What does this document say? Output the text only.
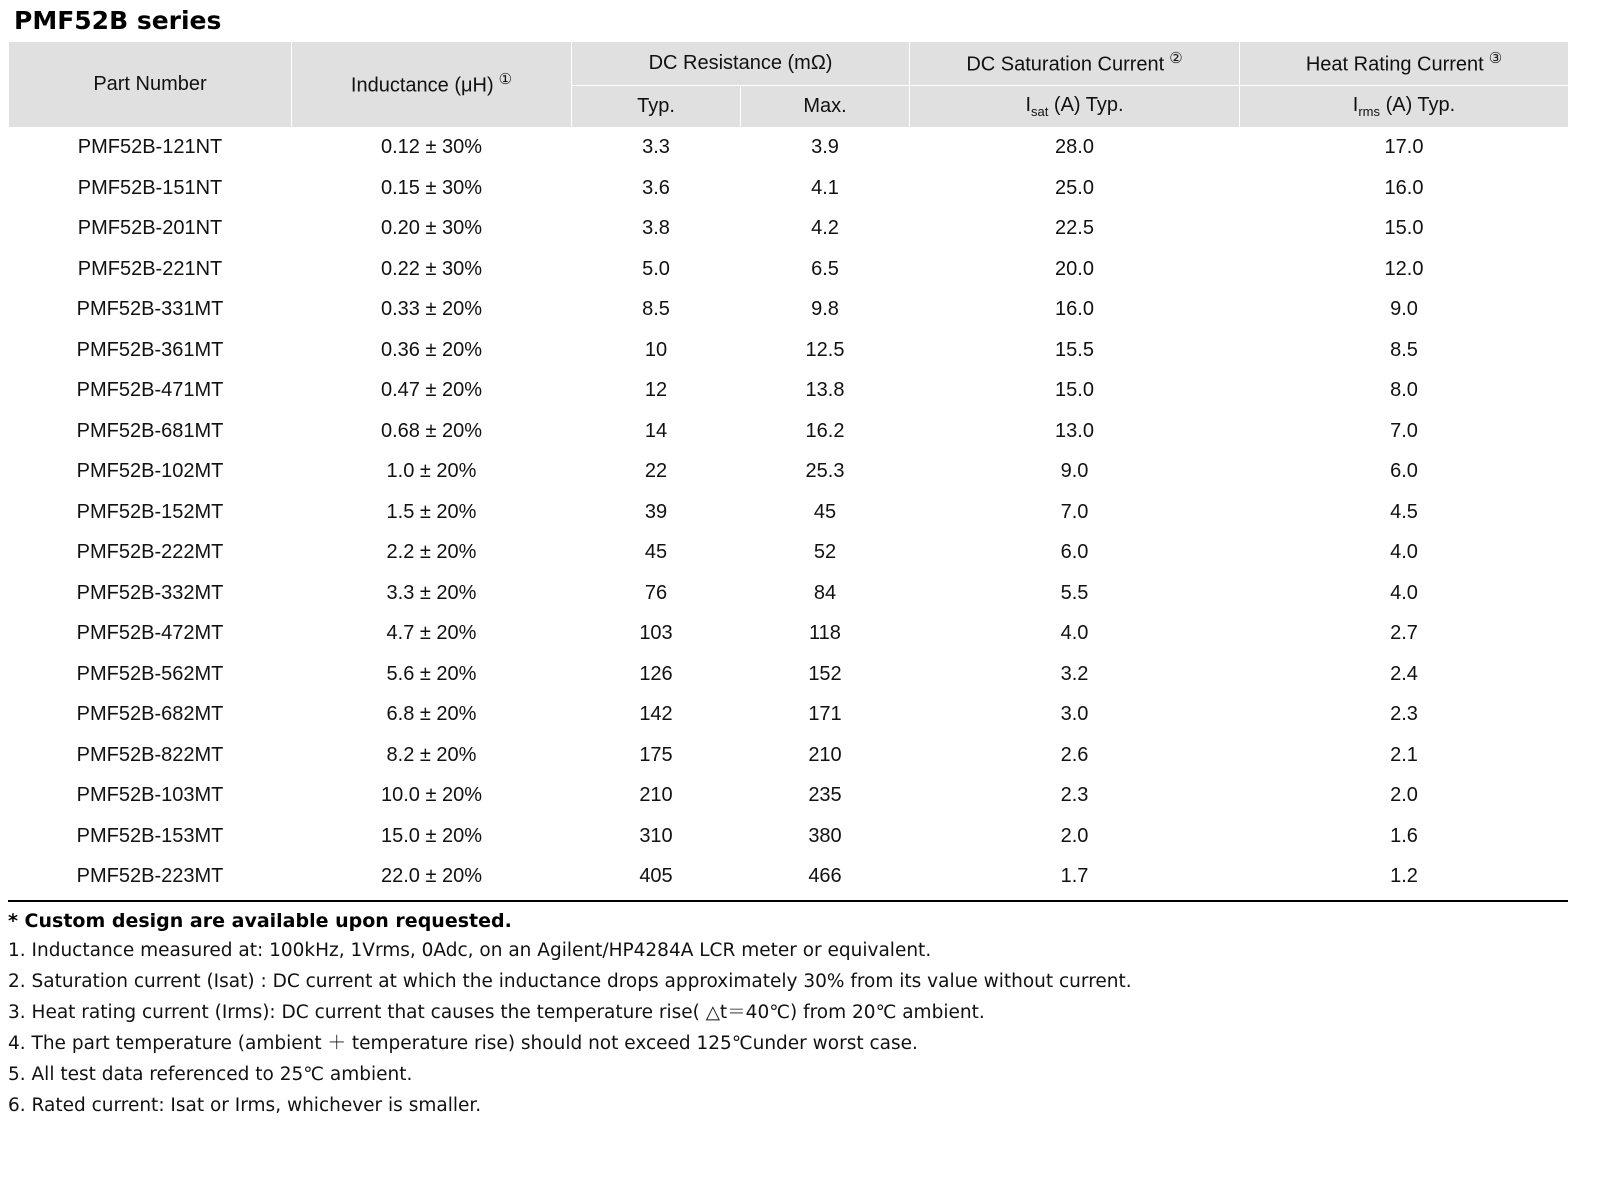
PMF52B series
Part Number	Inductance (μH) ①	DC Resistance (mΩ)		DC Saturation Current ②	Heat Rating Current ③
		Typ.	Max.	$I_{sat}$ (A) Typ.	$I_{rms}$ (A) Typ.
PMF52B-121NT	0.12 ± 30%	3.3	3.9	28.0	17.0
PMF52B-151NT	0.15 ± 30%	3.6	4.1	25.0	16.0
PMF52B-201NT	0.20 ± 30%	3.8	4.2	22.5	15.0
PMF52B-221NT	0.22 ± 30%	5.0	6.5	20.0	12.0
PMF52B-331MT	0.33 ± 20%	8.5	9.8	16.0	9.0
PMF52B-361MT	0.36 ± 20%	10	12.5	15.5	8.5
PMF52B-471MT	0.47 ± 20%	12	13.8	15.0	8.0
PMF52B-681MT	0.68 ± 20%	14	16.2	13.0	7.0
PMF52B-102MT	1.0 ± 20%	22	25.3	9.0	6.0
PMF52B-152MT	1.5 ± 20%	39	45	7.0	4.5
PMF52B-222MT	2.2 ± 20%	45	52	6.0	4.0
PMF52B-332MT	3.3 ± 20%	76	84	5.5	4.0
PMF52B-472MT	4.7 ± 20%	103	118	4.0	2.7
PMF52B-562MT	5.6 ± 20%	126	152	3.2	2.4
PMF52B-682MT	6.8 ± 20%	142	171	3.0	2.3
PMF52B-822MT	8.2 ± 20%	175	210	2.6	2.1
PMF52B-103MT	10.0 ± 20%	210	235	2.3	2.0
PMF52B-153MT	15.0 ± 20%	310	380	2.0	1.6
PMF52B-223MT	22.0 ± 20%	405	466	1.7	1.2
* Custom design are available upon requested.
1. Inductance measured at: 100kHz, 1Vrms, 0Adc, on an Agilent/HP4284A LCR meter or equivalent.
2. Saturation current (Isat) : DC current at which the inductance drops approximately 30% from its value without current.
3. Heat rating current (Irms): DC current that causes the temperature rise( △t＝40℃) from 20℃ ambient.
4. The part temperature (ambient ＋ temperature rise) should not exceed 125℃under worst case.
5. All test data referenced to 25℃ ambient.
6. Rated current: Isat or Irms, whichever is smaller.
